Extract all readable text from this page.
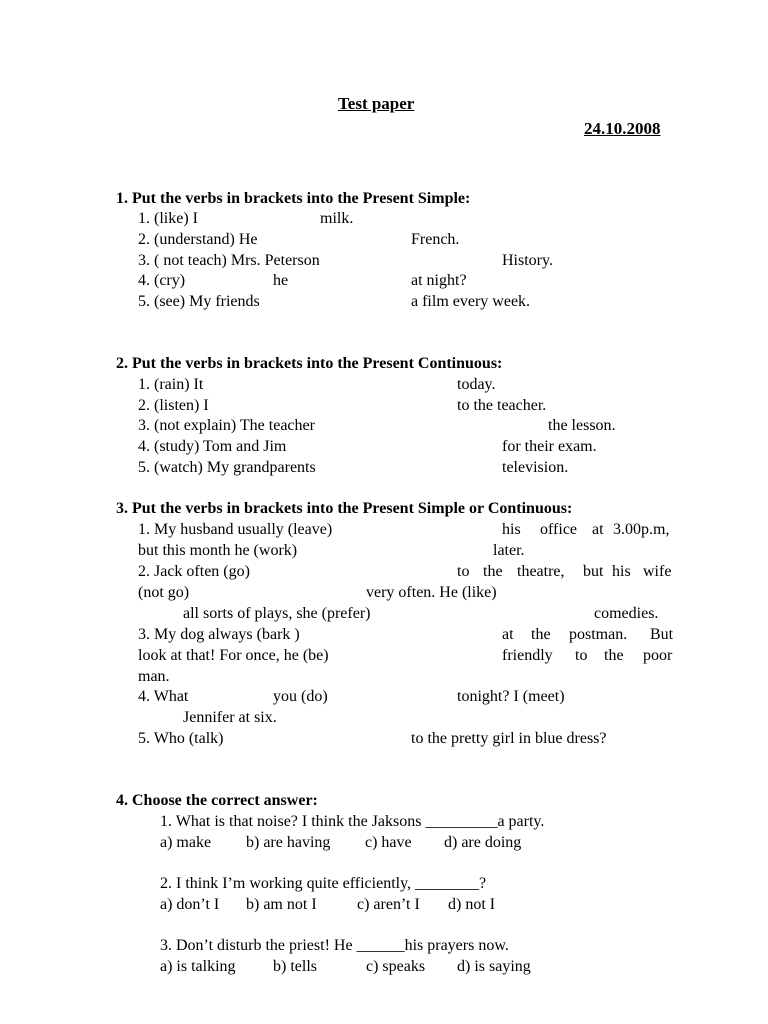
Test paper
24.10.2008
1. Put the verbs in brackets into the Present Simple:
1. (like) I	milk.
2. (understand) He	French.
3. ( not teach) Mrs. Peterson	History.
4. (cry)	he	at night?
5. (see) My friends	a film every week.
2. Put the verbs in brackets into the Present Continuous:
1. (rain) It	today.
2. (listen) I	to the teacher.
3. (not explain) The teacher	the lesson.
4. (study) Tom and Jim	for their exam.
5. (watch) My grandparents	television.
3. Put the verbs in brackets into the Present Simple or Continuous:
1. My husband usually (leave)	his office at 3.00p.m,
but this month he (work)	later.
2. Jack often (go)	to the theatre, but his wife
(not go)	very often. He (like)
all sorts of plays, she (prefer)	comedies.
3. My dog always (bark )	at the postman. But
look at that! For once, he (be)	friendly to the poor
man.
4. What	you (do)	tonight? I (meet)
Jennifer at six.
5. Who (talk)	to the pretty girl in blue dress?
4. Choose the correct answer:
1. What is that noise? I think the Jaksons _________a party.
a) make b) are having c) have d) are doing
2. I think I’m working quite efficiently, ________?
a) don’t I b) am not I	c) aren’t I d) not I
3. Don’t disturb the priest! He ______his prayers now.
a) is talking b) tells	c) speaks d) is saying
